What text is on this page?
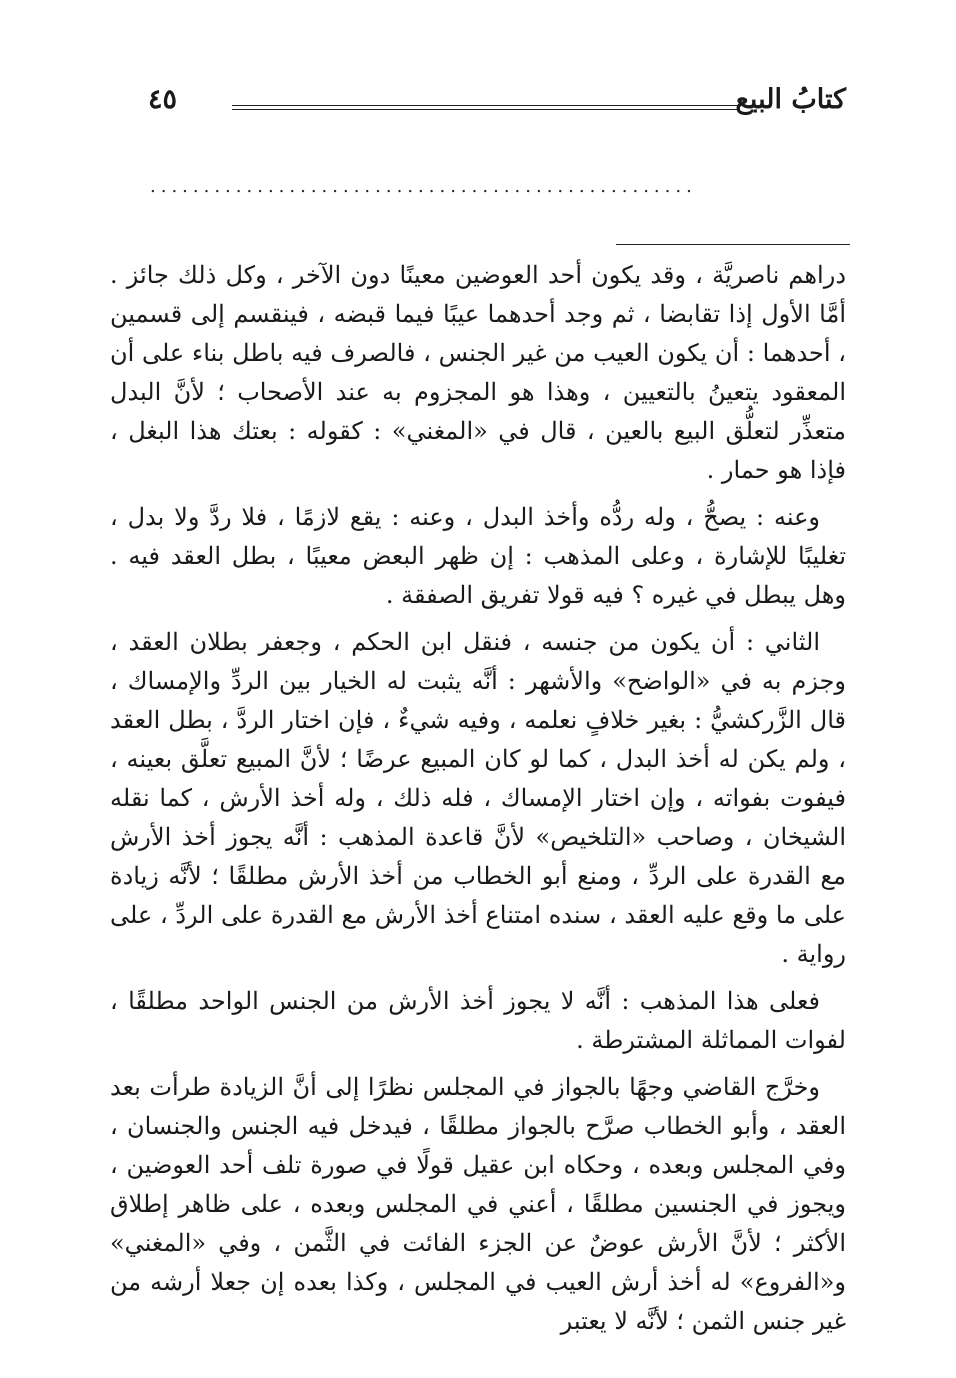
٤٥	كتابُ البيع
...................................................

دراهم ناصريَّة ، وقد يكون أحد العوضين معينًا دون الآخر ، وكل ذلك جائز . أمَّا الأول إذا تقابضا ، ثم وجد أحدهما عيبًا فيما قبضه ، فينقسم إلى قسمين ، أحدهما : أن يكون العيب من غير الجنس ، فالصرف فيه باطل بناء على أن المعقود يتعينُ بالتعيين ، وهذا هو المجزوم به عند الأصحاب ؛ لأنَّ البدل متعذِّر لتعلُّق البيع بالعين ، قال في «المغني» : كقوله : بعتك هذا البغل ، فإذا هو حمار .

وعنه : يصحُّ ، وله ردُّه وأخذ البدل ، وعنه : يقع لازمًا ، فلا ردَّ ولا بدل ، تغليبًا للإشارة ، وعلى المذهب : إن ظهر البعض معيبًا ، بطل العقد فيه . وهل يبطل في غيره ؟ فيه قولا تفريق الصفقة .

الثاني : أن يكون من جنسه ، فنقل ابن الحكم ، وجعفر بطلان العقد ، وجزم به في «الواضح» والأشهر : أنَّه يثبت له الخيار بين الردِّ والإمساك ، قال الزَّركشيُّ : بغير خلافٍ نعلمه ، وفيه شيءٌ ، فإن اختار الردَّ ، بطل العقد ، ولم يكن له أخذ البدل ، كما لو كان المبيع عرضًا ؛ لأنَّ المبيع تعلَّق بعينه ، فيفوت بفواته ، وإن اختار الإمساك ، فله ذلك ، وله أخذ الأرش ، كما نقله الشيخان ، وصاحب «التلخيص» لأنَّ قاعدة المذهب : أنَّه يجوز أخذ الأرش مع القدرة على الردِّ ، ومنع أبو الخطاب من أخذ الأرش مطلقًا ؛ لأنَّه زيادة على ما وقع عليه العقد ، سنده امتناع أخذ الأرش مع القدرة على الردِّ ، على رواية .

فعلى هذا المذهب : أنَّه لا يجوز أخذ الأرش من الجنس الواحد مطلقًا ، لفوات المماثلة المشترطة .

وخرَّج القاضي وجهًا بالجواز في المجلس نظرًا إلى أنَّ الزيادة طرأت بعد العقد ، وأبو الخطاب صرَّح بالجواز مطلقًا ، فيدخل فيه الجنس والجنسان ، وفي المجلس وبعده ، وحكاه ابن عقيل قولًا في صورة تلف أحد العوضين ، ويجوز في الجنسين مطلقًا ، أعني في المجلس وبعده ، على ظاهر إطلاق الأكثر ؛ لأنَّ الأرش عوضٌ عن الجزء الفائت في الثَّمن ، وفي «المغني» و«الفروع» له أخذ أرش العيب في المجلس ، وكذا بعده إن جعلا أرشه من غير جنس الثمن ؛ لأنَّه لا يعتبر
